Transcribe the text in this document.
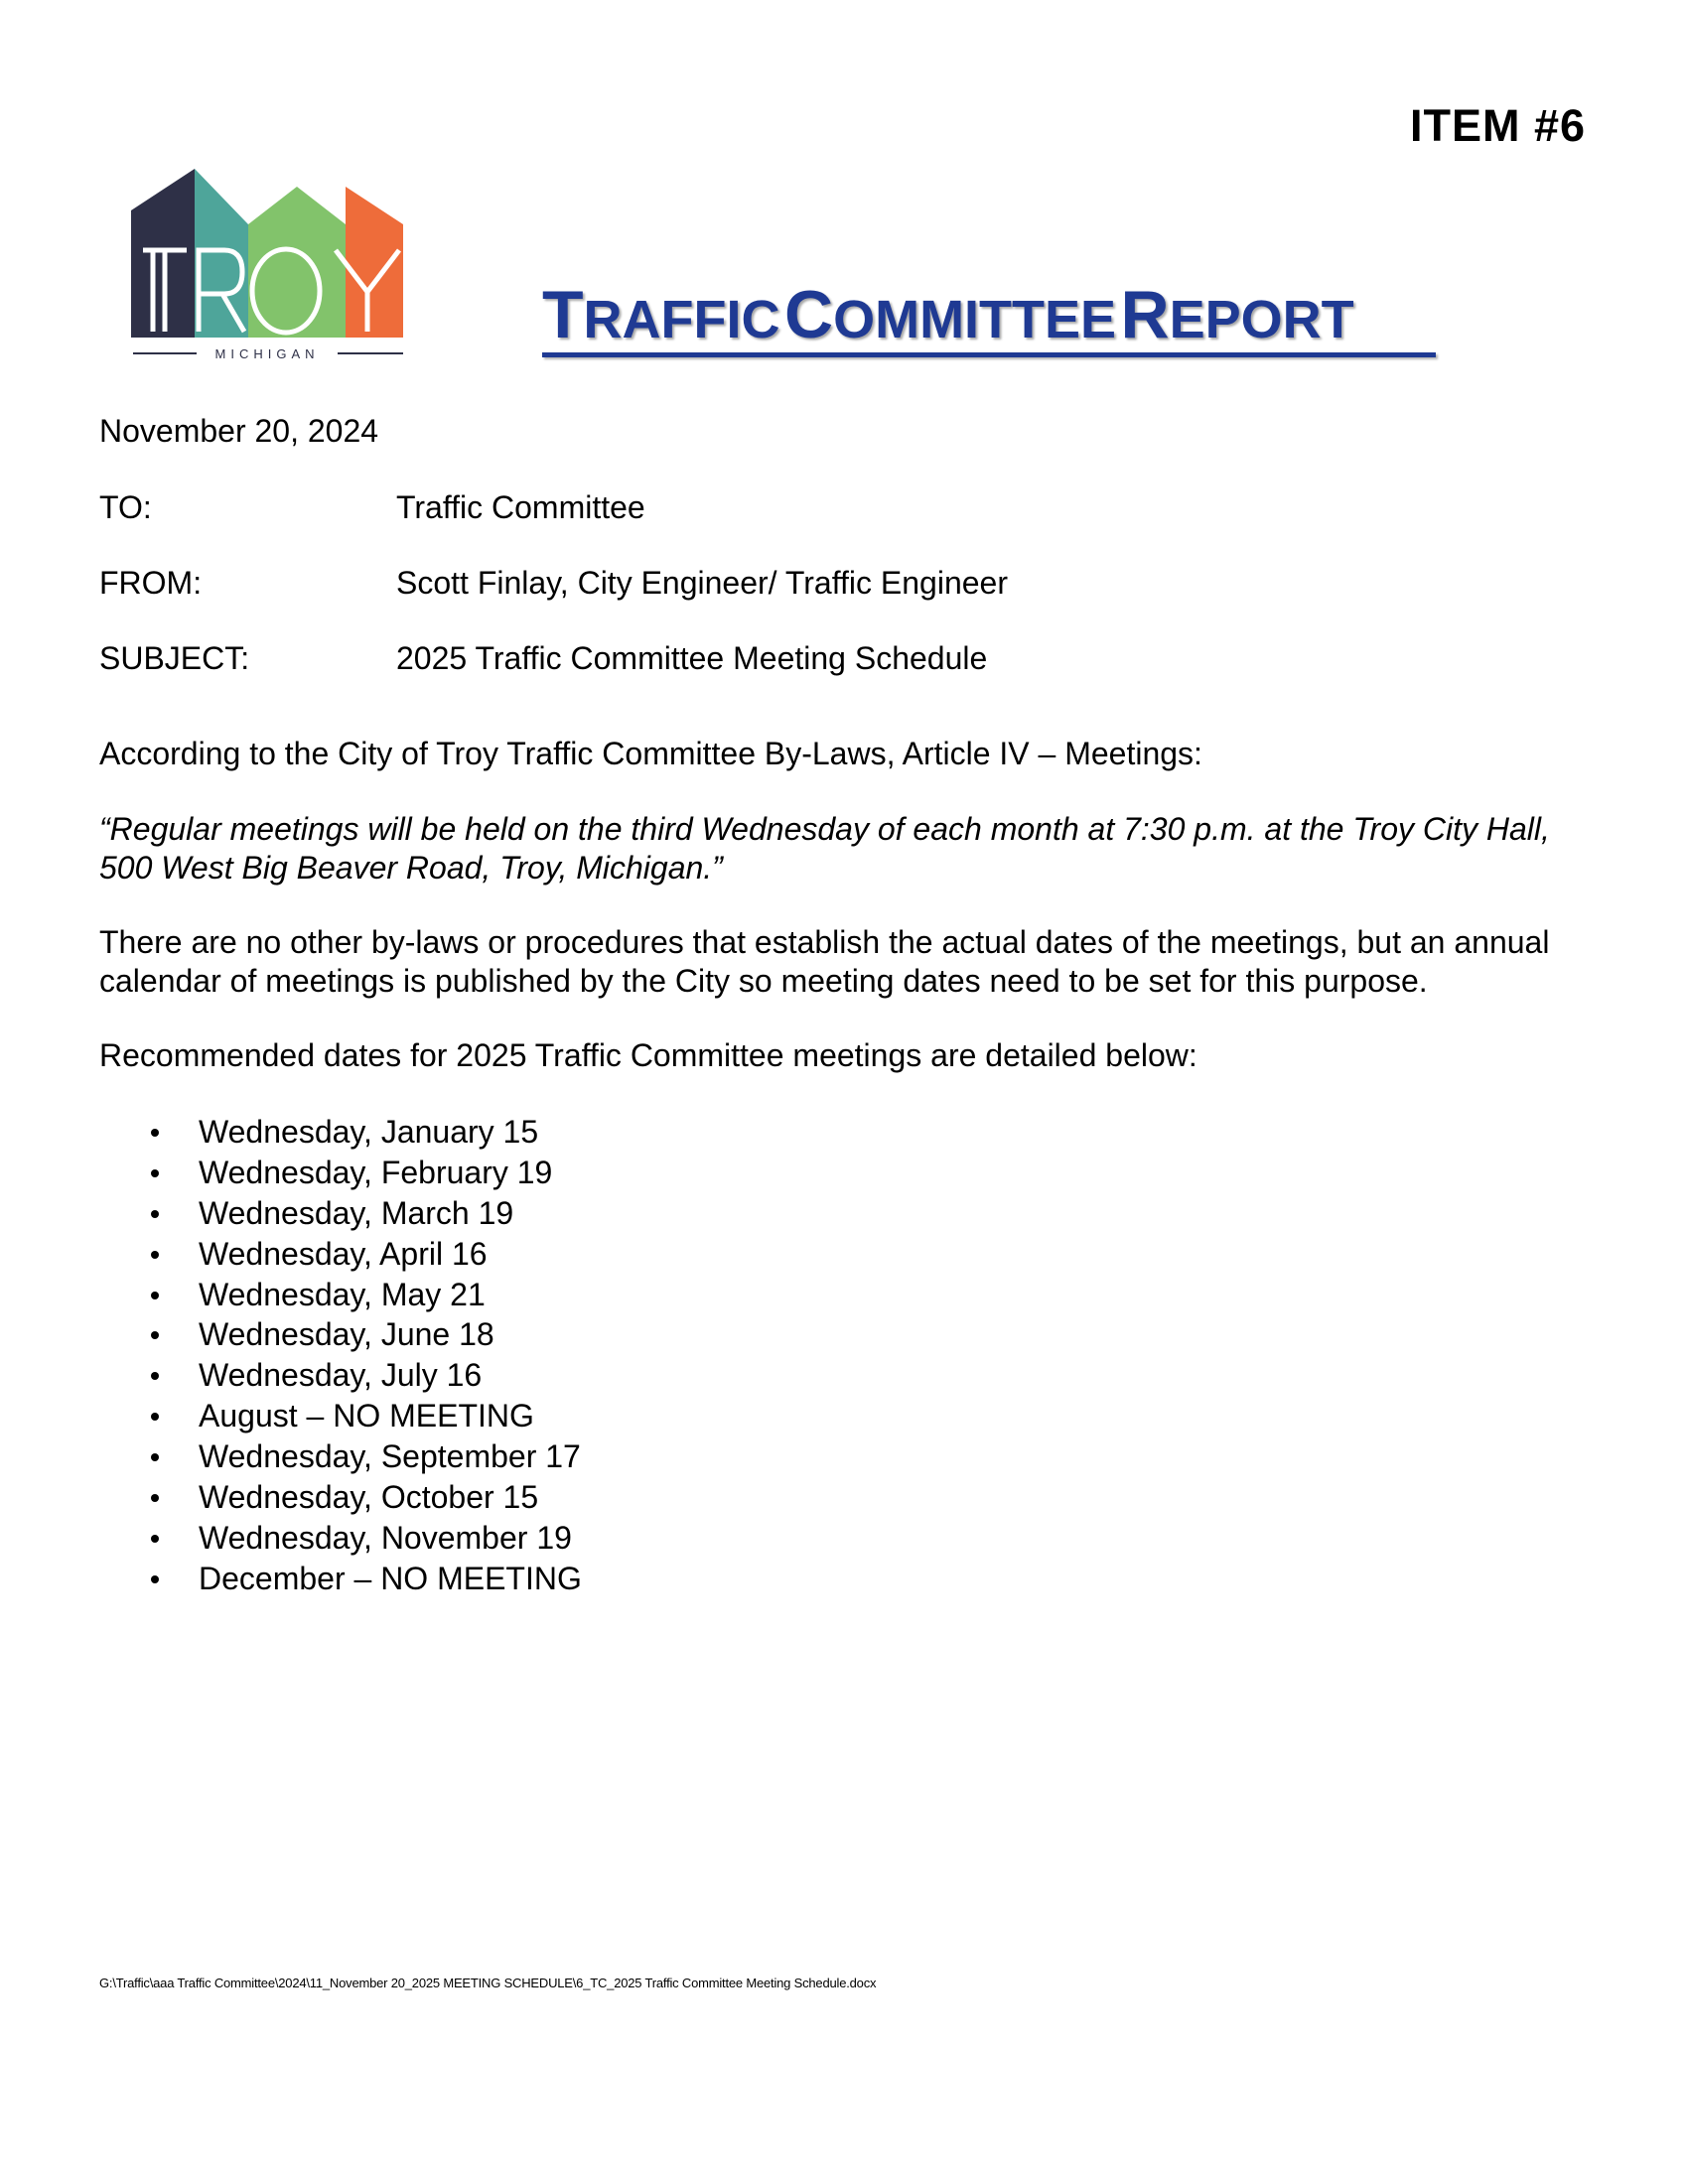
ITEM #6
MICHIGAN
TRAFFIC COMMITTEE REPORT
November 20, 2024
TO:	Traffic Committee
FROM:	Scott Finlay, City Engineer/ Traffic Engineer
SUBJECT:	2025 Traffic Committee Meeting Schedule
According to the City of Troy Traffic Committee By-Laws, Article IV – Meetings:
“Regular meetings will be held on the third Wednesday of each month at 7:30 p.m. at the Troy City Hall,
500 West Big Beaver Road, Troy, Michigan.”
There are no other by-laws or procedures that establish the actual dates of the meetings, but an annual
calendar of meetings is published by the City so meeting dates need to be set for this purpose.
Recommended dates for 2025 Traffic Committee meetings are detailed below:
Wednesday, January 15
Wednesday, February 19
Wednesday, March 19
Wednesday, April 16
Wednesday, May 21
Wednesday, June 18
Wednesday, July 16
August – NO MEETING
Wednesday, September 17
Wednesday, October 15
Wednesday, November 19
December – NO MEETING
G:\Traffic\aaa Traffic Committee\2024\11_November 20_2025 MEETING SCHEDULE\6_TC_2025 Traffic Committee Meeting Schedule.docx
